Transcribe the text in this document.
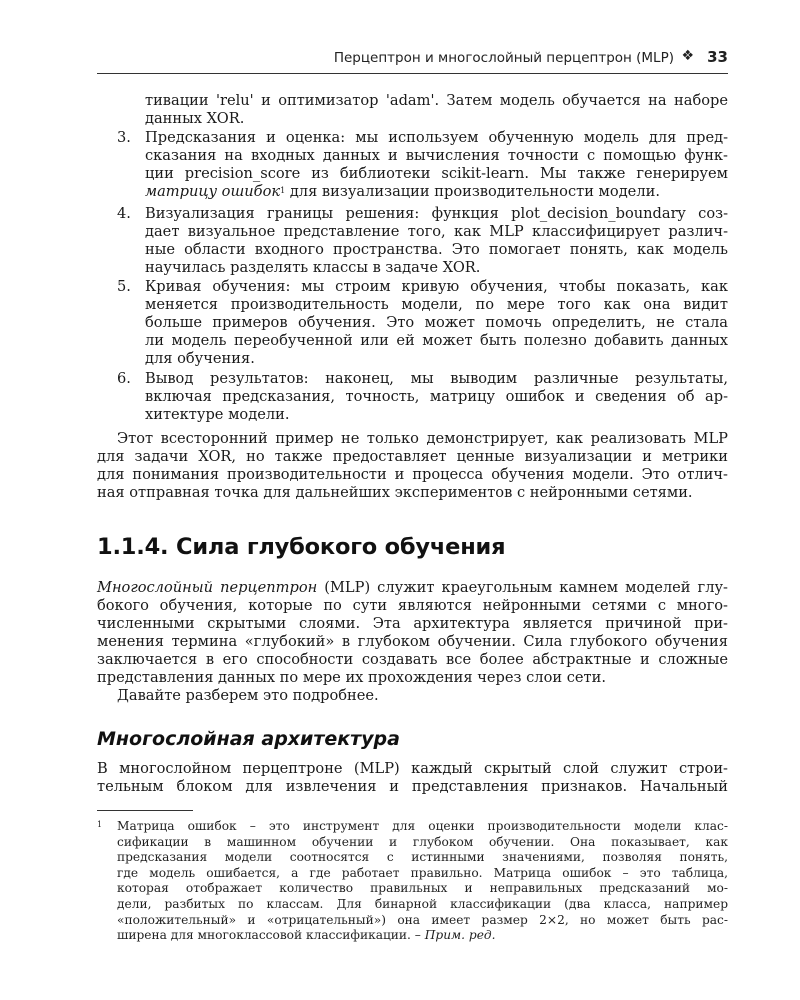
Перцептрон и многослойный перцептрон (MLP) ❖ 33
тивации 'relu' и оптимизатор 'adam'. Затем модель обучается на наборе
данных XOR.
3. Предсказания и оценка: мы используем обученную модель для пред-
сказания на входных данных и вычисления точности с помощью функ-
ции precision_score из библиотеки scikit-learn. Мы также генерируем
матрицу ошибок$^1$ для визуализации производительности модели.
4. Визуализация границы решения: функция plot_decision_boundary соз-
дает визуальное представление того, как MLP классифицирует различ-
ные области входного пространства. Это помогает понять, как модель
научилась разделять классы в задаче XOR.
5. Кривая обучения: мы строим кривую обучения, чтобы показать, как
меняется производительность модели, по мере того как она видит
больше примеров обучения. Это может помочь определить, не стала
ли модель переобученной или ей может быть полезно добавить данных
для обучения.
6. Вывод результатов: наконец, мы выводим различные результаты,
включая предсказания, точность, матрицу ошибок и сведения об ар-
хитектуре модели.
Этот всесторонний пример не только демонстрирует, как реализовать MLP
для задачи XOR, но также предоставляет ценные визуализации и метрики
для понимания производительности и процесса обучения модели. Это отлич-
ная отправная точка для дальнейших экспериментов с нейронными сетями.
1.1.4. Сила глубокого обучения
Многослойный перцептрон (MLP) служит краеугольным камнем моделей глу-
бокого обучения, которые по сути являются нейронными сетями с много-
численными скрытыми слоями. Эта архитектура является причиной при-
менения термина «глубокий» в глубоком обучении. Сила глубокого обучения
заключается в его способности создавать все более абстрактные и сложные
представления данных по мере их прохождения через слои сети.
Давайте разберем это подробнее.
Многослойная архитектура
В многослойном перцептроне (MLP) каждый скрытый слой служит строи-
тельным блоком для извлечения и представления признаков. Начальный
1 Матрица ошибок – это инструмент для оценки производительности модели клас-
сификации в машинном обучении и глубоком обучении. Она показывает, как
предсказания модели соотносятся с истинными значениями, позволяя понять,
где модель ошибается, а где работает правильно. Матрица ошибок – это таблица,
которая отображает количество правильных и неправильных предсказаний мо-
дели, разбитых по классам. Для бинарной классификации (два класса, например
«положительный» и «отрицательный») она имеет размер 2×2, но может быть рас-
ширена для многоклассовой классификации. – Прим. ред.
